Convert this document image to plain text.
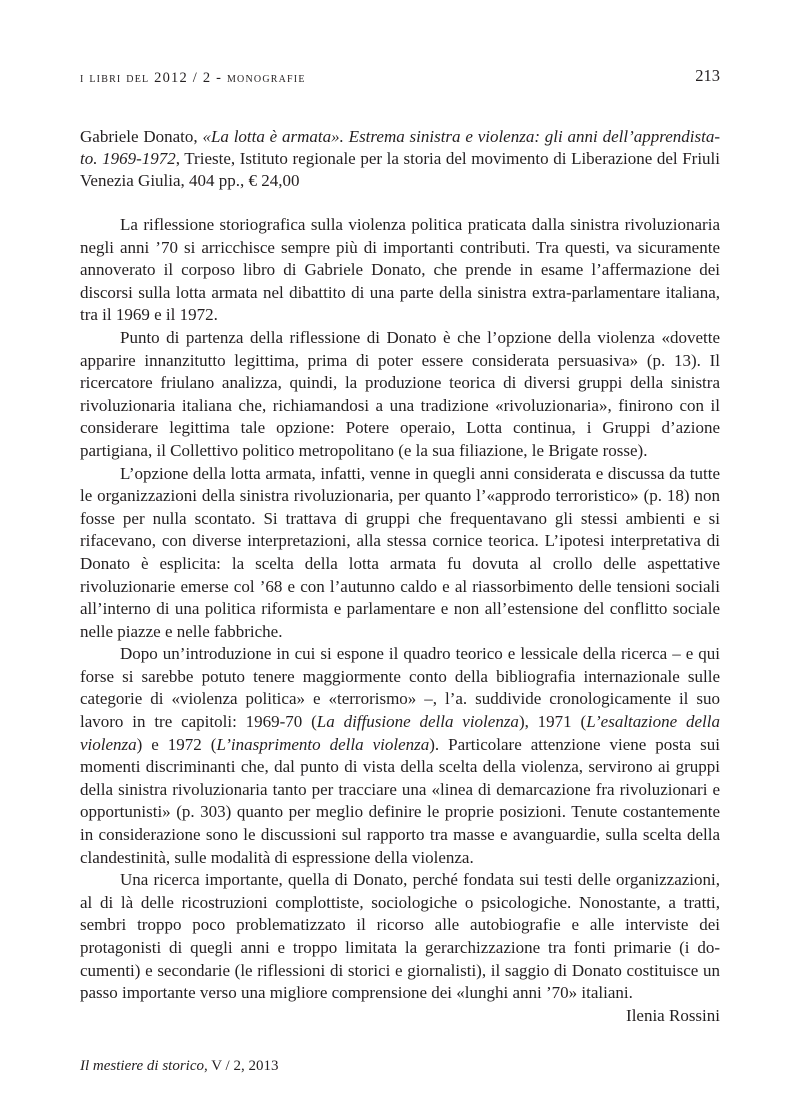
i libri del 2012 / 2 - monografie	213
Gabriele Donato, «La lotta è armata». Estrema sinistra e violenza: gli anni dell’apprendistato. 1969-1972, Trieste, Istituto regionale per la storia del movimento di Liberazione del Friuli Venezia Giulia, 404 pp., € 24,00

La riflessione storiografica sulla violenza politica praticata dalla sinistra rivoluzionaria negli anni ’70 si arricchisce sempre più di importanti contributi. Tra questi, va sicuramente annoverato il corposo libro di Gabriele Donato, che prende in esame l’affermazione dei discorsi sulla lotta armata nel dibattito di una parte della sinistra extra-parlamentare italiana, tra il 1969 e il 1972.

Punto di partenza della riflessione di Donato è che l’opzione della violenza «dovette apparire innanzitutto legittima, prima di poter essere considerata persuasiva» (p. 13). Il ricercatore friulano analizza, quindi, la produzione teorica di diversi gruppi della sinistra rivoluzionaria italiana che, richiamandosi a una tradizione «rivoluzionaria», finirono con il considerare legittima tale opzione: Potere operaio, Lotta continua, i Gruppi d’azione partigiana, il Collettivo politico metropolitano (e la sua filiazione, le Brigate rosse).

L’opzione della lotta armata, infatti, venne in quegli anni considerata e discussa da tutte le organizzazioni della sinistra rivoluzionaria, per quanto l’«approdo terroristico» (p. 18) non fosse per nulla scontato. Si trattava di gruppi che frequentavano gli stessi ambienti e si rifacevano, con diverse interpretazioni, alla stessa cornice teorica. L’ipotesi interpretativa di Donato è esplicita: la scelta della lotta armata fu dovuta al crollo delle aspettative rivoluzionarie emerse col ’68 e con l’autunno caldo e al riassorbimento delle tensioni sociali all’interno di una politica riformista e parlamentare e non all’estensione del conflitto sociale nelle piazze e nelle fabbriche.

Dopo un’introduzione in cui si espone il quadro teorico e lessicale della ricerca – e qui forse si sarebbe potuto tenere maggiormente conto della bibliografia internazionale sulle categorie di «violenza politica» e «terrorismo» –, l’a. suddivide cronologicamente il suo lavoro in tre capitoli: 1969-70 (La diffusione della violenza), 1971 (L’esaltazione della violenza) e 1972 (L’inasprimento della violenza). Particolare attenzione viene posta sui momenti discriminanti che, dal punto di vista della scelta della violenza, servirono ai gruppi della sinistra rivoluzionaria tanto per tracciare una «linea di demarcazione fra rivoluzionari e opportunisti» (p. 303) quanto per meglio definire le proprie posizioni. Tenute costantemente in considerazione sono le discussioni sul rapporto tra masse e avanguardie, sulla scelta della clandestinità, sulle modalità di espressione della violenza.

Una ricerca importante, quella di Donato, perché fondata sui testi delle organizzazioni, al di là delle ricostruzioni complottiste, sociologiche o psicologiche. Nonostante, a tratti, sembri troppo poco problematizzato il ricorso alle autobiografie e alle interviste dei protagonisti di quegli anni e troppo limitata la gerarchizzazione tra fonti primarie (i documenti) e secondarie (le riflessioni di storici e giornalisti), il saggio di Donato costituisce un passo importante verso una migliore comprensione dei «lunghi anni ’70» italiani.

Ilenia Rossini
Il mestiere di storico, V / 2, 2013
